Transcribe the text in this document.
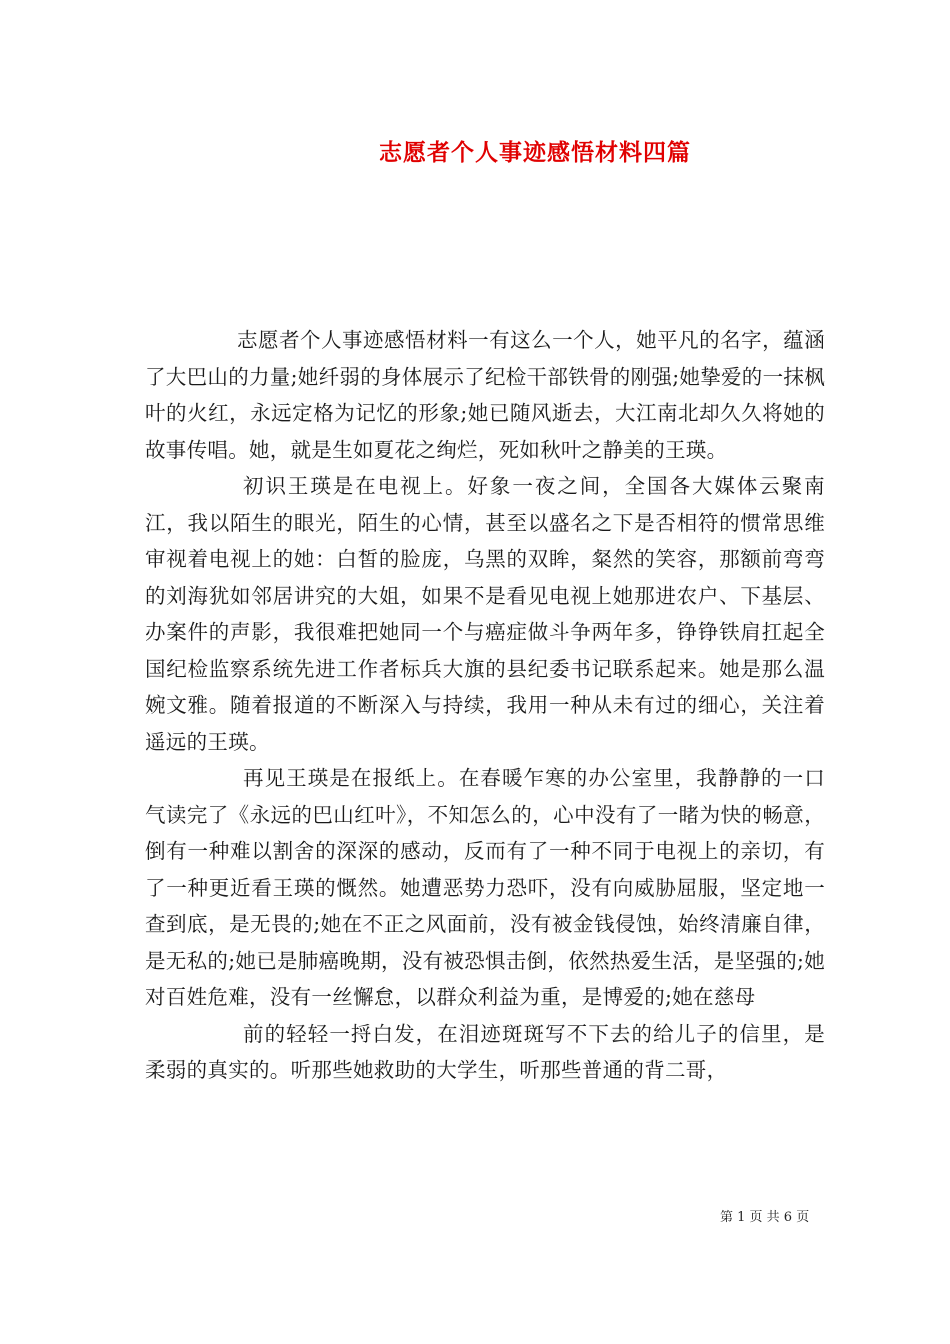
志愿者个人事迹感悟材料四篇

志愿者个人事迹感悟材料一有这么一个人，她平凡的名字，蕴涵了大巴山的力量;她纤弱的身体展示了纪检干部铁骨的刚强;她挚爱的一抹枫叶的火红，永远定格为记忆的形象;她已随风逝去，大江南北却久久将她的故事传唱。她，就是生如夏花之绚烂，死如秋叶之静美的王瑛。

初识王瑛是在电视上。好象一夜之间，全国各大媒体云聚南江，我以陌生的眼光，陌生的心情，甚至以盛名之下是否相符的惯常思维审视着电视上的她：白皙的脸庞，乌黑的双眸，粲然的笑容，那额前弯弯的刘海犹如邻居讲究的大姐，如果不是看见电视上她那进农户、下基层、办案件的声影，我很难把她同一个与癌症做斗争两年多，铮铮铁肩扛起全国纪检监察系统先进工作者标兵大旗的县纪委书记联系起来。她是那么温婉文雅。随着报道的不断深入与持续，我用一种从未有过的细心，关注着遥远的王瑛。

再见王瑛是在报纸上。在春暖乍寒的办公室里，我静静的一口气读完了《永远的巴山红叶》，不知怎么的，心中没有了一睹为快的畅意，倒有一种难以割舍的深深的感动，反而有了一种不同于电视上的亲切，有了一种更近看王瑛的慨然。她遭恶势力恐吓，没有向威胁屈服，坚定地一查到底，是无畏的;她在不正之风面前，没有被金钱侵蚀，始终清廉自律，是无私的;她已是肺癌晚期，没有被恐惧击倒，依然热爱生活，是坚强的;她对百姓危难，没有一丝懈怠，以群众利益为重，是博爱的;她在慈母

前的轻轻一捋白发，在泪迹斑斑写不下去的给儿子的信里，是柔弱的真实的。听那些她救助的大学生，听那些普通的背二哥，

第 1 页 共 6 页
